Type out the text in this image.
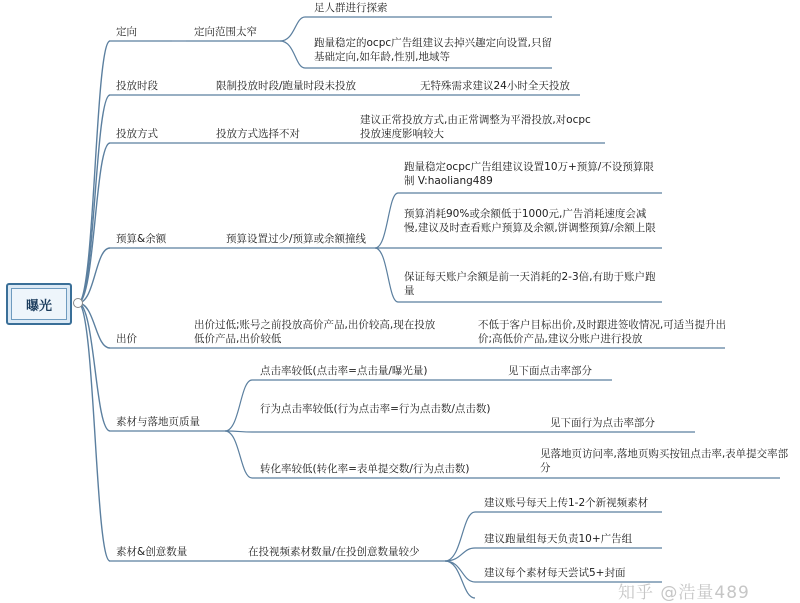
曝光
定向
投放时段
投放方式
预算&余额
出价
素材与落地页质量
素材&创意数量
定向范围太窄
限制投放时段/跑量时段未投放
投放方式选择不对
预算设置过少/预算或余额撞线
出价过低;账号之前投放高价产品,出价较高,现在投放低价产品,出价较低
点击率较低(点击率=点击量/曝光量)
行为点击率较低(行为点击率=行为点击数/点击数)
转化率较低(转化率=表单提交数/行为点击数)
在投视频素材数量/在投创意数量较少
足人群进行探索
跑量稳定的ocpc广告组建议去掉兴趣定向设置,只留基础定向,如年龄,性别,地域等
无特殊需求建议24小时全天投放
建议正常投放方式,由正常调整为平滑投放,对ocpc投放速度影响较大
跑量稳定ocpc广告组建议设置10万+预算/不设预算限制 V:haoliang489
预算消耗90%或余额低于1000元,广告消耗速度会减慢,建议及时查看账户预算及余额,饼调整预算/余额上限
保证每天账户余额是前一天消耗的2-3倍,有助于账户跑量
不低于客户目标出价,及时跟进签收情况,可适当提升出价;高低价产品,建议分账户进行投放
见下面点击率部分
见下面行为点击率部分
见落地页访问率,落地页购买按钮点击率,表单提交率部分
建议账号每天上传1-2个新视频素材
建议跑量组每天负责10+广告组
建议每个素材每天尝试5+封面
知乎 @浩量489
